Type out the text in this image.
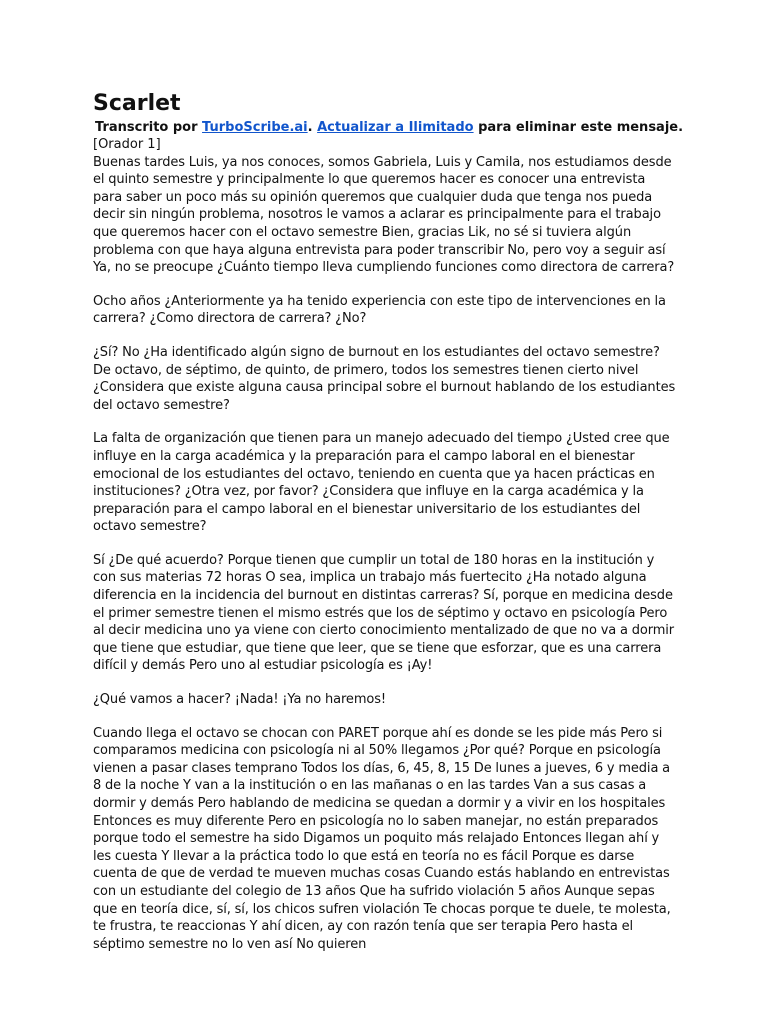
Scarlet

Transcrito por TurboScribe.ai. Actualizar a Ilimitado para eliminar este mensaje.

[Orador 1]

Buenas tardes Luis, ya nos conoces, somos Gabriela, Luis y Camila, nos estudiamos desde el quinto semestre y principalmente lo que queremos hacer es conocer una entrevista para saber un poco más su opinión queremos que cualquier duda que tenga nos pueda decir sin ningún problema, nosotros le vamos a aclarar es principalmente para el trabajo que queremos hacer con el octavo semestre Bien, gracias Lik, no sé si tuviera algún problema con que haya alguna entrevista para poder transcribir No, pero voy a seguir así Ya, no se preocupe ¿Cuánto tiempo lleva cumpliendo funciones como directora de carrera?

Ocho años ¿Anteriormente ya ha tenido experiencia con este tipo de intervenciones en la carrera? ¿Como directora de carrera? ¿No?

¿Sí? No ¿Ha identificado algún signo de burnout en los estudiantes del octavo semestre? De octavo, de séptimo, de quinto, de primero, todos los semestres tienen cierto nivel ¿Considera que existe alguna causa principal sobre el burnout hablando de los estudiantes del octavo semestre?

La falta de organización que tienen para un manejo adecuado del tiempo ¿Usted cree que influye en la carga académica y la preparación para el campo laboral en el bienestar emocional de los estudiantes del octavo, teniendo en cuenta que ya hacen prácticas en instituciones? ¿Otra vez, por favor? ¿Considera que influye en la carga académica y la preparación para el campo laboral en el bienestar universitario de los estudiantes del octavo semestre?

Sí ¿De qué acuerdo? Porque tienen que cumplir un total de 180 horas en la institución y con sus materias 72 horas O sea, implica un trabajo más fuertecito ¿Ha notado alguna diferencia en la incidencia del burnout en distintas carreras? Sí, porque en medicina desde el primer semestre tienen el mismo estrés que los de séptimo y octavo en psicología Pero al decir medicina uno ya viene con cierto conocimiento mentalizado de que no va a dormir que tiene que estudiar, que tiene que leer, que se tiene que esforzar, que es una carrera difícil y demás Pero uno al estudiar psicología es ¡Ay!

¿Qué vamos a hacer? ¡Nada! ¡Ya no haremos!

Cuando llega el octavo se chocan con PARET porque ahí es donde se les pide más Pero si comparamos medicina con psicología ni al 50% llegamos ¿Por qué? Porque en psicología vienen a pasar clases temprano Todos los días, 6, 45, 8, 15 De lunes a jueves, 6 y media a 8 de la noche Y van a la institución o en las mañanas o en las tardes Van a sus casas a dormir y demás Pero hablando de medicina se quedan a dormir y a vivir en los hospitales Entonces es muy diferente Pero en psicología no lo saben manejar, no están preparados porque todo el semestre ha sido Digamos un poquito más relajado Entonces llegan ahí y les cuesta Y llevar a la práctica todo lo que está en teoría no es fácil Porque es darse cuenta de que de verdad te mueven muchas cosas Cuando estás hablando en entrevistas con un estudiante del colegio de 13 años Que ha sufrido violación 5 años Aunque sepas que en teoría dice, sí, sí, los chicos sufren violación Te chocas porque te duele, te molesta, te frustra, te reaccionas Y ahí dicen, ay con razón tenía que ser terapia Pero hasta el séptimo semestre no lo ven así No quieren
